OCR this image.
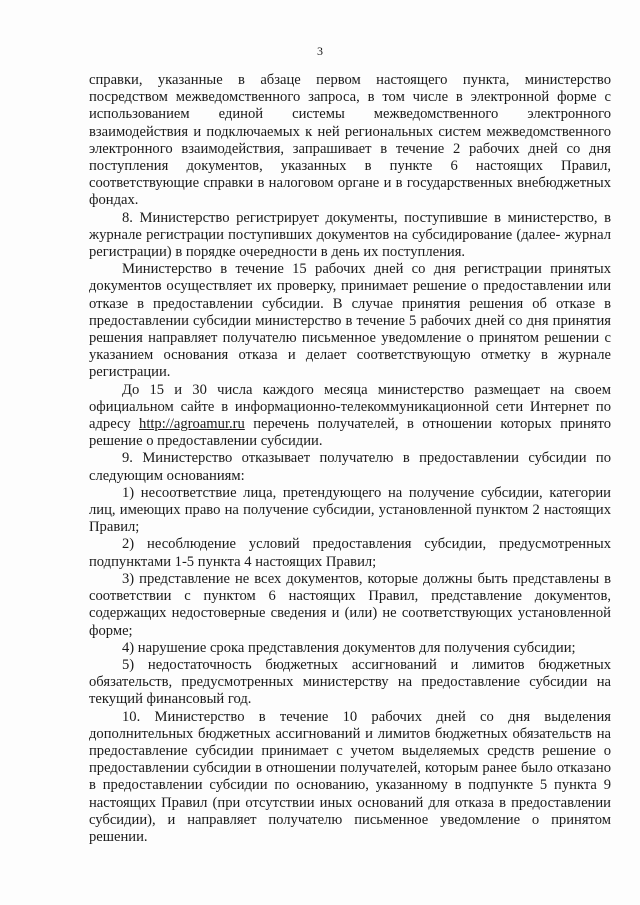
3

справки, указанные в абзаце первом настоящего пункта, министерство посредством межведомственного запроса, в том числе в электронной форме с использованием единой системы межведомственного электронного взаимодействия и подключаемых к ней региональных систем межведомственного электронного взаимодействия, запрашивает в течение 2 рабочих дней со дня поступления документов, указанных в пункте 6 настоящих Правил, соответствующие справки в налоговом органе и в государственных внебюджетных фондах.

8. Министерство регистрирует документы, поступившие в министерство, в журнале регистрации поступивших документов на субсидирование (далее- журнал регистрации) в порядке очередности в день их поступления.

Министерство в течение 15 рабочих дней со дня регистрации принятых документов осуществляет их проверку, принимает решение о предоставлении или отказе в предоставлении субсидии. В случае принятия решения об отказе в предоставлении субсидии министерство в течение 5 рабочих дней со дня принятия решения направляет получателю письменное уведомление о принятом решении с указанием основания отказа и делает соответствующую отметку в журнале регистрации.

До 15 и 30 числа каждого месяца министерство размещает на своем официальном сайте в информационно-телекоммуникационной сети Интернет по адресу http://agroamur.ru перечень получателей, в отношении которых принято решение о предоставлении субсидии.

9. Министерство отказывает получателю в предоставлении субсидии по следующим основаниям:

1) несоответствие лица, претендующего на получение субсидии, категории лиц, имеющих право на получение субсидии, установленной пунктом 2 настоящих Правил;

2) несоблюдение условий предоставления субсидии, предусмотренных подпунктами 1-5 пункта 4 настоящих Правил;

3) представление не всех документов, которые должны быть представлены в соответствии с пунктом 6 настоящих Правил, представление документов, содержащих недостоверные сведения и (или) не соответствующих установленной форме;

4) нарушение срока представления документов для получения субсидии;

5) недостаточность бюджетных ассигнований и лимитов бюджетных обязательств, предусмотренных министерству на предоставление субсидии на текущий финансовый год.

10. Министерство в течение 10 рабочих дней со дня выделения дополнительных бюджетных ассигнований и лимитов бюджетных обязательств на предоставление субсидии принимает с учетом выделяемых средств решение о предоставлении субсидии в отношении получателей, которым ранее было отказано в предоставлении субсидии по основанию, указанному в подпункте 5 пункта 9 настоящих Правил (при отсутствии иных оснований для отказа в предоставлении субсидии), и направляет получателю письменное уведомление о принятом решении.
